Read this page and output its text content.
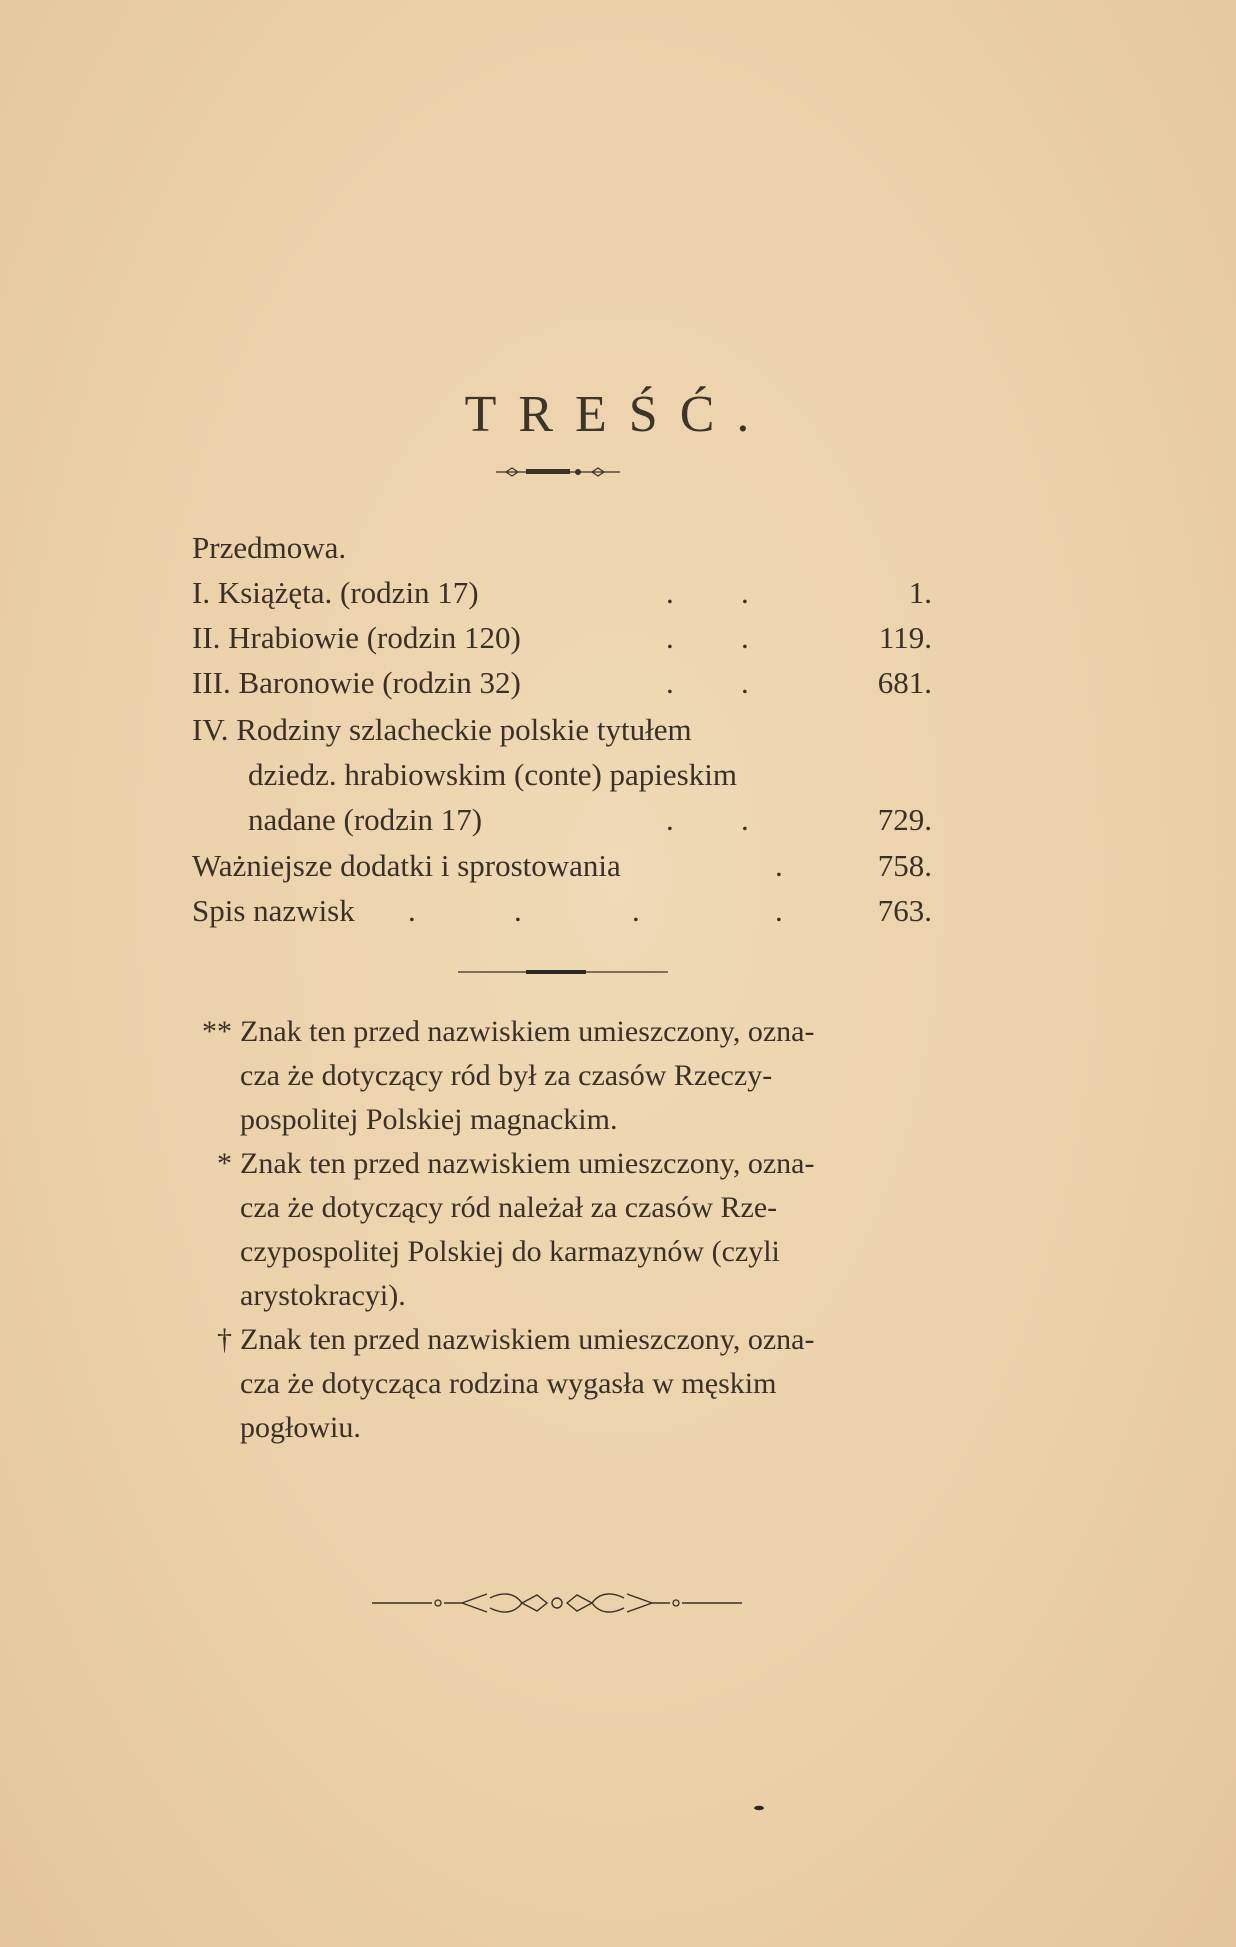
TREŚĆ.
Przedmowa.
I. Książęta. (rodzin 17)	. .	1.
II. Hrabiowie (rodzin 120)	. .	119.
III. Baronowie (rodzin 32)	. .	681.
IV. Rodziny szlacheckie polskie tytułem
dziedz. hrabiowskim (conte) papieskim
nadane (rodzin 17)	. .	729.
Ważniejsze dodatki i sprostowania	.	758.
Spis nazwisk .	.	.	.	763.
** Znak ten przed nazwiskiem umieszczony, ozna-

cza że dotyczący ród był za czasów Rzeczy-

pospolitej Polskiej magnackim.

* Znak ten przed nazwiskiem umieszczony, ozna-

cza że dotyczący ród należał za czasów Rze-

czypospolitej Polskiej do karmazynów (czyli

arystokracyi).

† Znak ten przed nazwiskiem umieszczony, ozna-

cza że dotycząca rodzina wygasła w męskim

pogłowiu.
